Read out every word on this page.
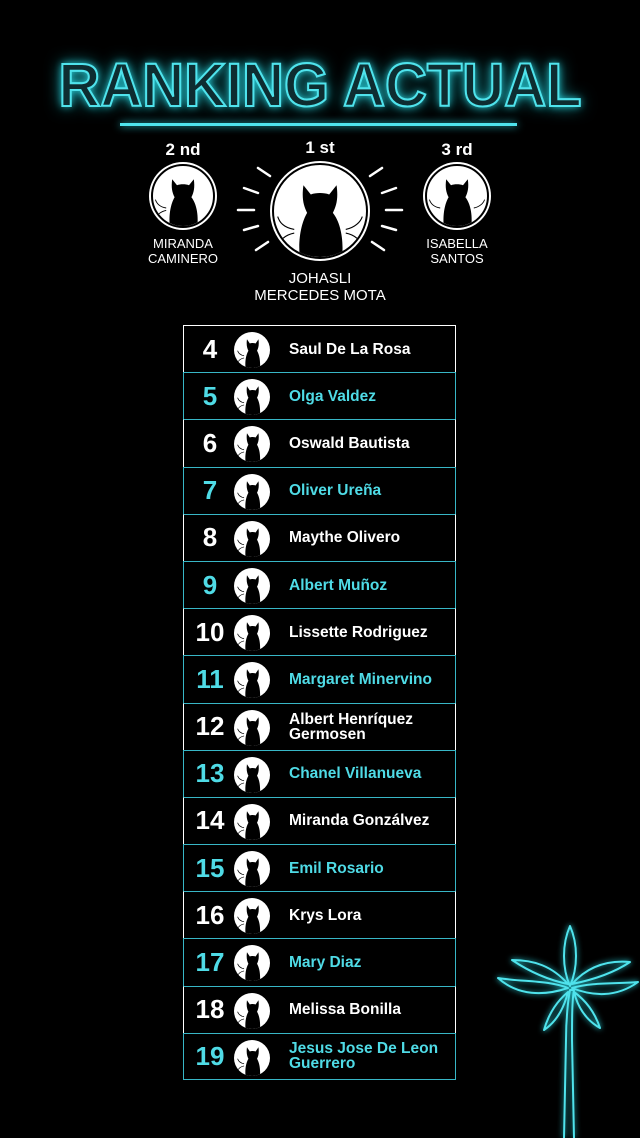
RANKING ACTUAL
2 nd
MIRANDA
CAMINERO
1 st
JOHASLI
MERCEDES MOTA
3 rd
ISABELLA
SANTOS
4	Saul De La Rosa
5	Olga Valdez
6	Oswald Bautista
7	Oliver Ureña
8	Maythe Olivero
9	Albert Muñoz
10	Lissette Rodriguez
11	Margaret Minervino
12	Albert Henríquez Germosen
13	Chanel Villanueva
14	Miranda Gonzálvez
15	Emil Rosario
16	Krys Lora
17	Mary Diaz
18	Melissa Bonilla
19	Jesus Jose De Leon Guerrero
